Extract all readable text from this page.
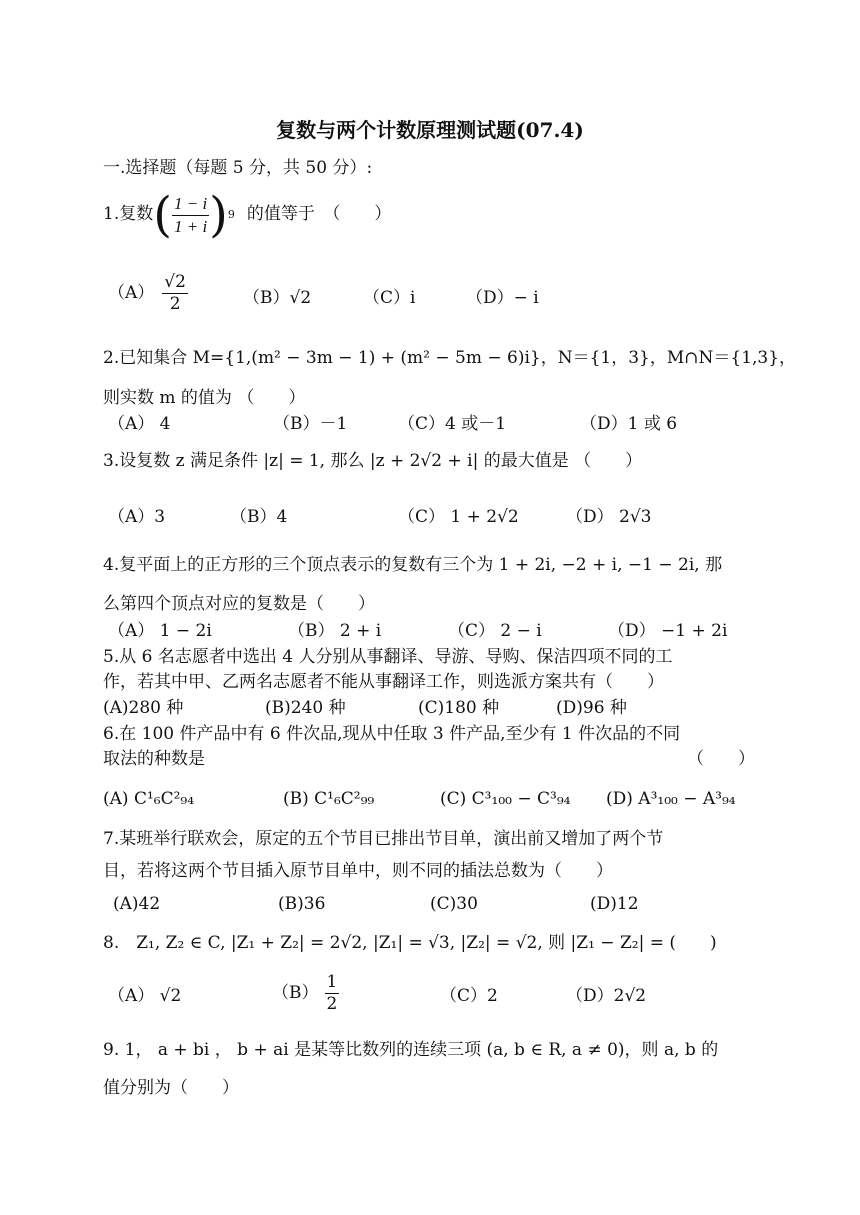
复数与两个计数原理测试题(07.4)
一.选择题（每题 5 分，共 50 分）:
1.复数 ( $\frac{1 - i}{1 + i}$ ) 9 的值等于　（　　）
$(A) \frac{√2}{2}$	（B）√2	（C）i	（D）− i
2.已知集合 M={1,(m² − 3m − 1) + (m² − 5m − 6)i}，N＝{1，3}，M∩N＝{1,3}，
则实数 m 的值为 （　　）
（A） 4	（B）－1	（C）4 或－1	（D）1 或 6
3.设复数 z 满足条件 |z| = 1, 那么 |z + 2√2 + i| 的最大值是 （　　）
（A）3	（B）4	（C） 1 + 2√2	（D） 2√3
4.复平面上的正方形的三个顶点表示的复数有三个为 1 + 2i, −2 + i, −1 − 2i, 那
么第四个顶点对应的复数是（　　）
（A） 1 − 2i	（B） 2 + i	（C） 2 − i	（D） −1 + 2i
5.从 6 名志愿者中选出 4 人分别从事翻译、导游、导购、保洁四项不同的工
作，若其中甲、乙两名志愿者不能从事翻译工作，则选派方案共有（　　）
(A)280 种	(B)240 种	(C)180 种	(D)96 种
6.在 100 件产品中有 6 件次品,现从中任取 3 件产品,至少有 1 件次品的不同
取法的种数是	（　　）
(A) C¹₆C²₉₄	(B) C¹₆C²₉₉	(C) C³₁₀₀ − C³₉₄ (D) A³₁₀₀ − A³₉₄
7.某班举行联欢会，原定的五个节目已排出节目单，演出前又增加了两个节
目，若将这两个节目插入原节目单中，则不同的插法总数为（　　）
(A)42	(B)36	(C)30	(D)12
8.　Z₁, Z₂ ∈ C, |Z₁ + Z₂| = 2√2, |Z₁| = √3, |Z₂| = √2, 则 |Z₁ − Z₂| = (　　)
（A） √2	$(B) \frac{1}{2}$	（C）2	（D）2√2
9. 1， a + bi ， b + ai 是某等比数列的连续三项 (a, b ∈ R, a ≠ 0)，则 a, b 的
值分别为（　　）
